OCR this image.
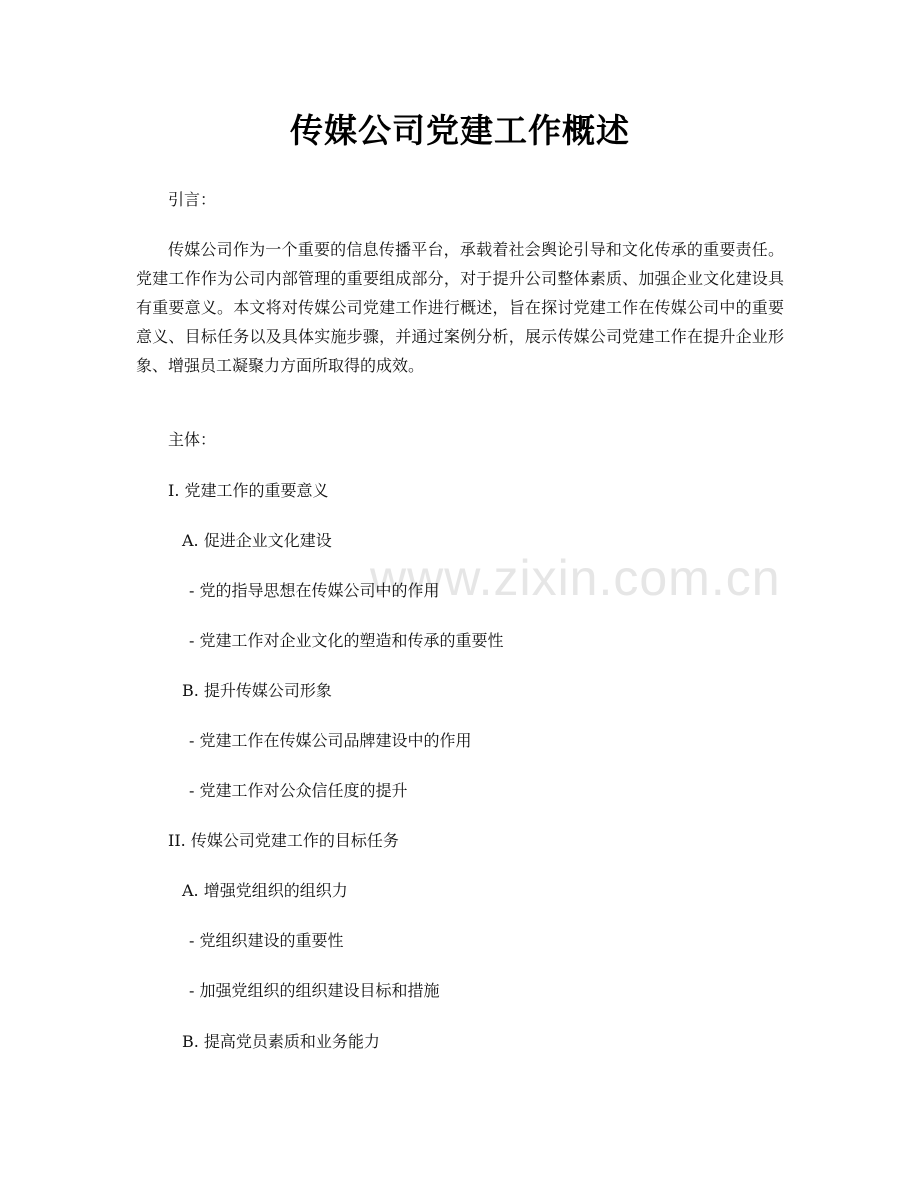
www.zixin.com.cn
传媒公司党建工作概述
引言：
传媒公司作为一个重要的信息传播平台，承载着社会舆论引导和文化传承的重要责任。党建工作作为公司内部管理的重要组成部分，对于提升公司整体素质、加强企业文化建设具有重要意义。本文将对传媒公司党建工作进行概述，旨在探讨党建工作在传媒公司中的重要意义、目标任务以及具体实施步骤，并通过案例分析，展示传媒公司党建工作在提升企业形象、增强员工凝聚力方面所取得的成效。
主体：
I. 党建工作的重要意义
A. 促进企业文化建设
- 党的指导思想在传媒公司中的作用
- 党建工作对企业文化的塑造和传承的重要性
B. 提升传媒公司形象
- 党建工作在传媒公司品牌建设中的作用
- 党建工作对公众信任度的提升
II. 传媒公司党建工作的目标任务
A. 增强党组织的组织力
- 党组织建设的重要性
- 加强党组织的组织建设目标和措施
B. 提高党员素质和业务能力
